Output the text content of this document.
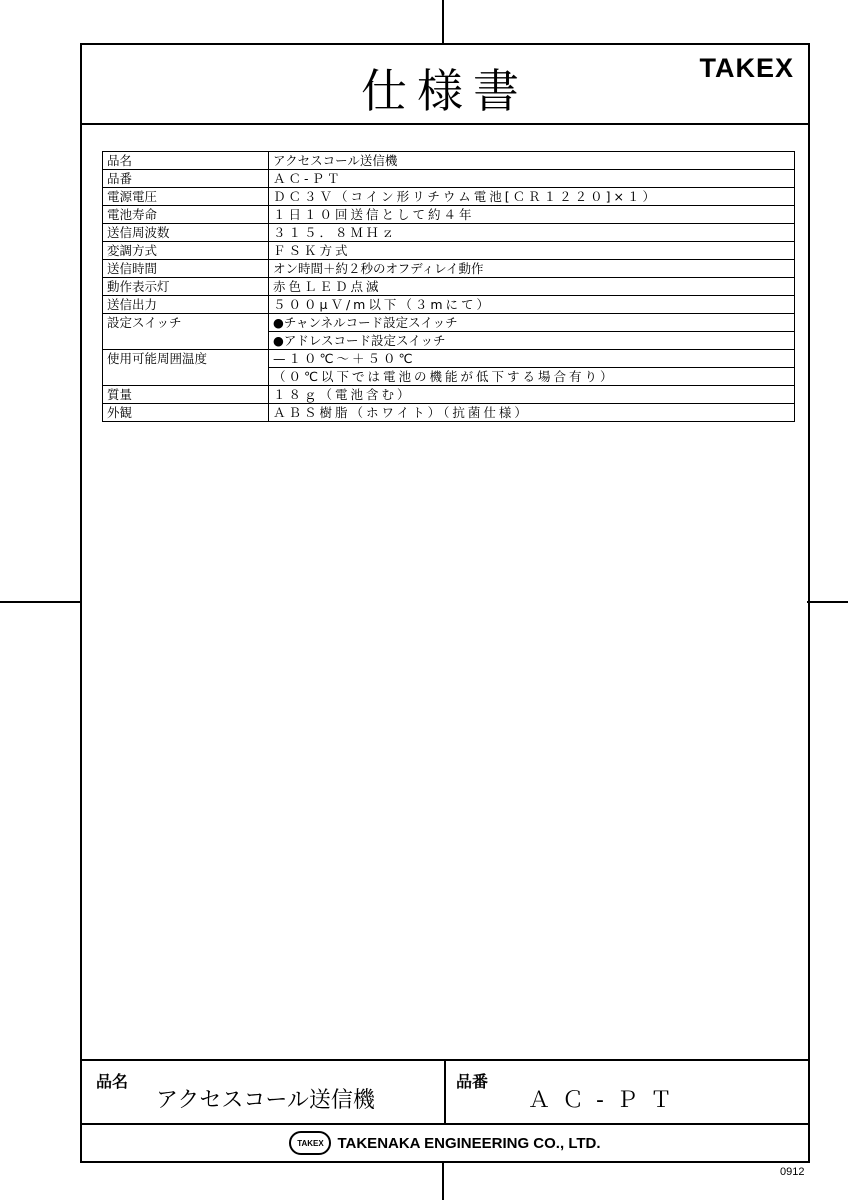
仕様書	TAKEX
品名	アクセスコール送信機
品番	ＡＣ-ＰＴ
電源電圧	ＤＣ３Ｖ（コイン形リチウム電池[ＣＲ１２２０]×１）
電池寿命	１日１０回送信として約４年
送信周波数	３１５．８ＭＨｚ
変調方式	ＦＳＫ方式
送信時間	オン時間＋約２秒のオフディレイ動作
動作表示灯	赤色ＬＥＤ点滅
送信出力	５００μＶ/m以下（３mにて）
設定スイッチ	●チャンネルコード設定スイッチ
	●アドレスコード設定スイッチ
使用可能周囲温度	—１０℃～＋５０℃
	（０℃以下では電池の機能が低下する場合有り）
質量	１８ｇ（電池含む）
外観	ＡＢＳ樹脂（ホワイト）（抗菌仕様）
品名
アクセスコール送信機
品番
ＡＣ-ＰＴ
TAKEX TAKENAKA ENGINEERING CO., LTD.
0912
